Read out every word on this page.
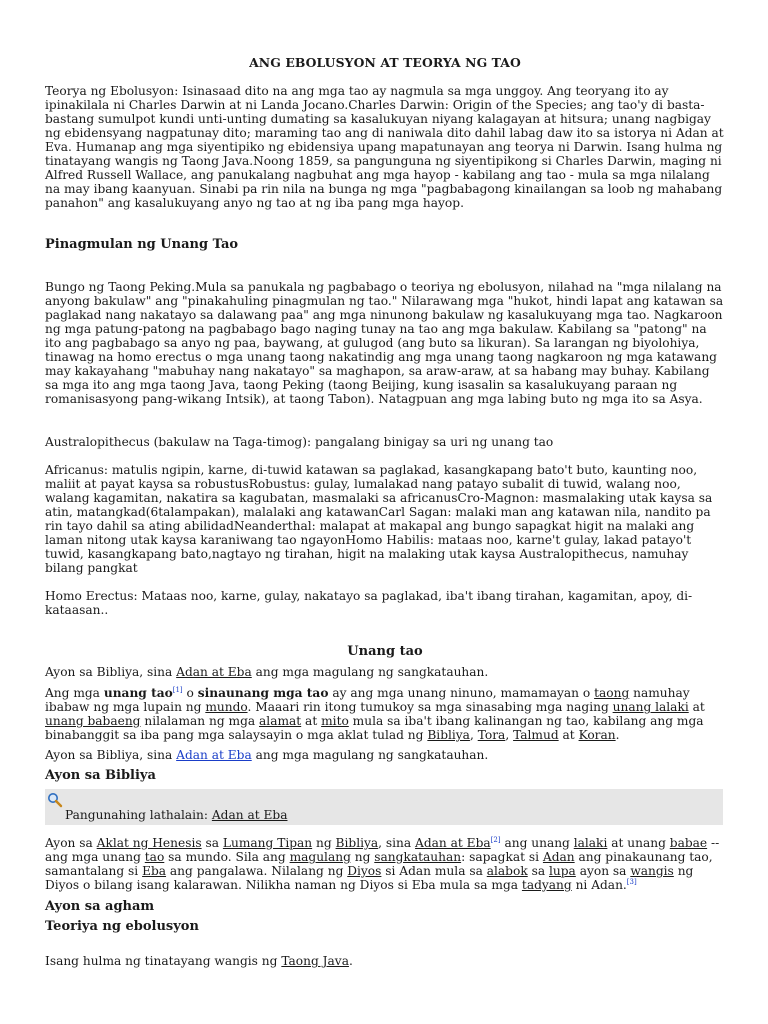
ANG EBOLUSYON AT TEORYA NG TAO

Teorya ng Ebolusyon: Isinasaad dito na ang mga tao ay nagmula sa mga unggoy. Ang teoryang ito ay ipinakilala ni Charles Darwin at ni Landa Jocano.Charles Darwin: Origin of the Species; ang tao'y di basta-bastang sumulpot kundi unti-unting dumating sa kasalukuyan niyang kalagayan at hitsura; unang nagbigay ng ebidensyang nagpatunay dito; maraming tao ang di naniwala dito dahil labag daw ito sa istorya ni Adan at Eva. Humanap ang mga siyentipiko ng ebidensiya upang mapatunayan ang teorya ni Darwin. Isang hulma ng tinatayang wangis ng Taong Java.Noong 1859, sa pangunguna ng siyentipikong si Charles Darwin, maging ni Alfred Russell Wallace, ang panukalang nagbuhat ang mga hayop - kabilang ang tao - mula sa mga nilalang na may ibang kaanyuan. Sinabi pa rin nila na bunga ng mga "pagbabagong kinailangan sa loob ng mahabang panahon" ang kasalukuyang anyo ng tao at ng iba pang mga hayop.

Pinagmulan ng Unang Tao

Bungo ng Taong Peking.Mula sa panukala ng pagbabago o teoriya ng ebolusyon, nilahad na "mga nilalang na anyong bakulaw" ang "pinakahuling pinagmulan ng tao." Nilarawang mga "hukot, hindi lapat ang katawan sa paglakad nang nakatayo sa dalawang paa" ang mga ninunong bakulaw ng kasalukuyang mga tao. Nagkaroon ng mga patung-patong na pagbabago bago naging tunay na tao ang mga bakulaw. Kabilang sa "patong" na ito ang pagbabago sa anyo ng paa, baywang, at gulugod (ang buto sa likuran). Sa larangan ng biyolohiya, tinawag na homo erectus o mga unang taong nakatindig ang mga unang taong nagkaroon ng mga katawang may kakayahang "mabuhay nang nakatayo" sa maghapon, sa araw-araw, at sa habang may buhay. Kabilang sa mga ito ang mga taong Java, taong Peking (taong Beijing, kung isasalin sa kasalukuyang paraan ng romanisasyong pang-wikang Intsik), at taong Tabon). Natagpuan ang mga labing buto ng mga ito sa Asya.

Australopithecus (bakulaw na Taga-timog): pangalang binigay sa uri ng unang tao

Africanus: matulis ngipin, karne, di-tuwid katawan sa paglakad, kasangkapang bato't buto, kaunting noo, maliit at payat kaysa sa robustusRobustus: gulay, lumalakad nang patayo subalit di tuwid, walang noo, walang kagamitan, nakatira sa kagubatan, masmalaki sa africanusCro-Magnon: masmalaking utak kaysa sa atin, matangkad(6talampakan), malalaki ang katawanCarl Sagan: malaki man ang katawan nila, nandito pa rin tayo dahil sa ating abilidadNeanderthal: malapat at makapal ang bungo sapagkat higit na malaki ang laman nitong utak kaysa karaniwang tao ngayonHomo Habilis: mataas noo, karne't gulay, lakad patayo't tuwid, kasangkapang bato,nagtayo ng tirahan, higit na malaking utak kaysa Australopithecus, namuhay bilang pangkat

Homo Erectus: Mataas noo, karne, gulay, nakatayo sa paglakad, iba't ibang tirahan, kagamitan, apoy, di-kataasan..

Unang tao

Ayon sa Bibliya, sina Adan at Eba ang mga magulang ng sangkatauhan.

Ang mga unang tao[1] o sinaunang mga tao ay ang mga unang ninuno, mamamayan o taong namuhay ibabaw ng mga lupain ng mundo. Maaari rin itong tumukoy sa mga sinasabing mga naging unang lalaki at unang babaeng nilalaman ng mga alamat at mito mula sa iba't ibang kalinangan ng tao, kabilang ang mga binabanggit sa iba pang mga salaysayin o mga aklat tulad ng Bibliya, Tora, Talmud at Koran.

Ayon sa Bibliya, sina Adan at Eba ang mga magulang ng sangkatauhan.

Ayon sa Bibliya

Pangunahing lathalain: Adan at Eba

Ayon sa Aklat ng Henesis sa Lumang Tipan ng Bibliya, sina Adan at Eba[2] ang unang lalaki at unang babae -- ang mga unang tao sa mundo. Sila ang magulang ng sangkatauhan: sapagkat si Adan ang pinakaunang tao, samantalang si Eba ang pangalawa. Nilalang ng Diyos si Adan mula sa alabok sa lupa ayon sa wangis ng Diyos o bilang isang kalarawan. Nilikha naman ng Diyos si Eba mula sa mga tadyang ni Adan.[3]

Ayon sa agham

Teoriya ng ebolusyon

Isang hulma ng tinatayang wangis ng Taong Java.
